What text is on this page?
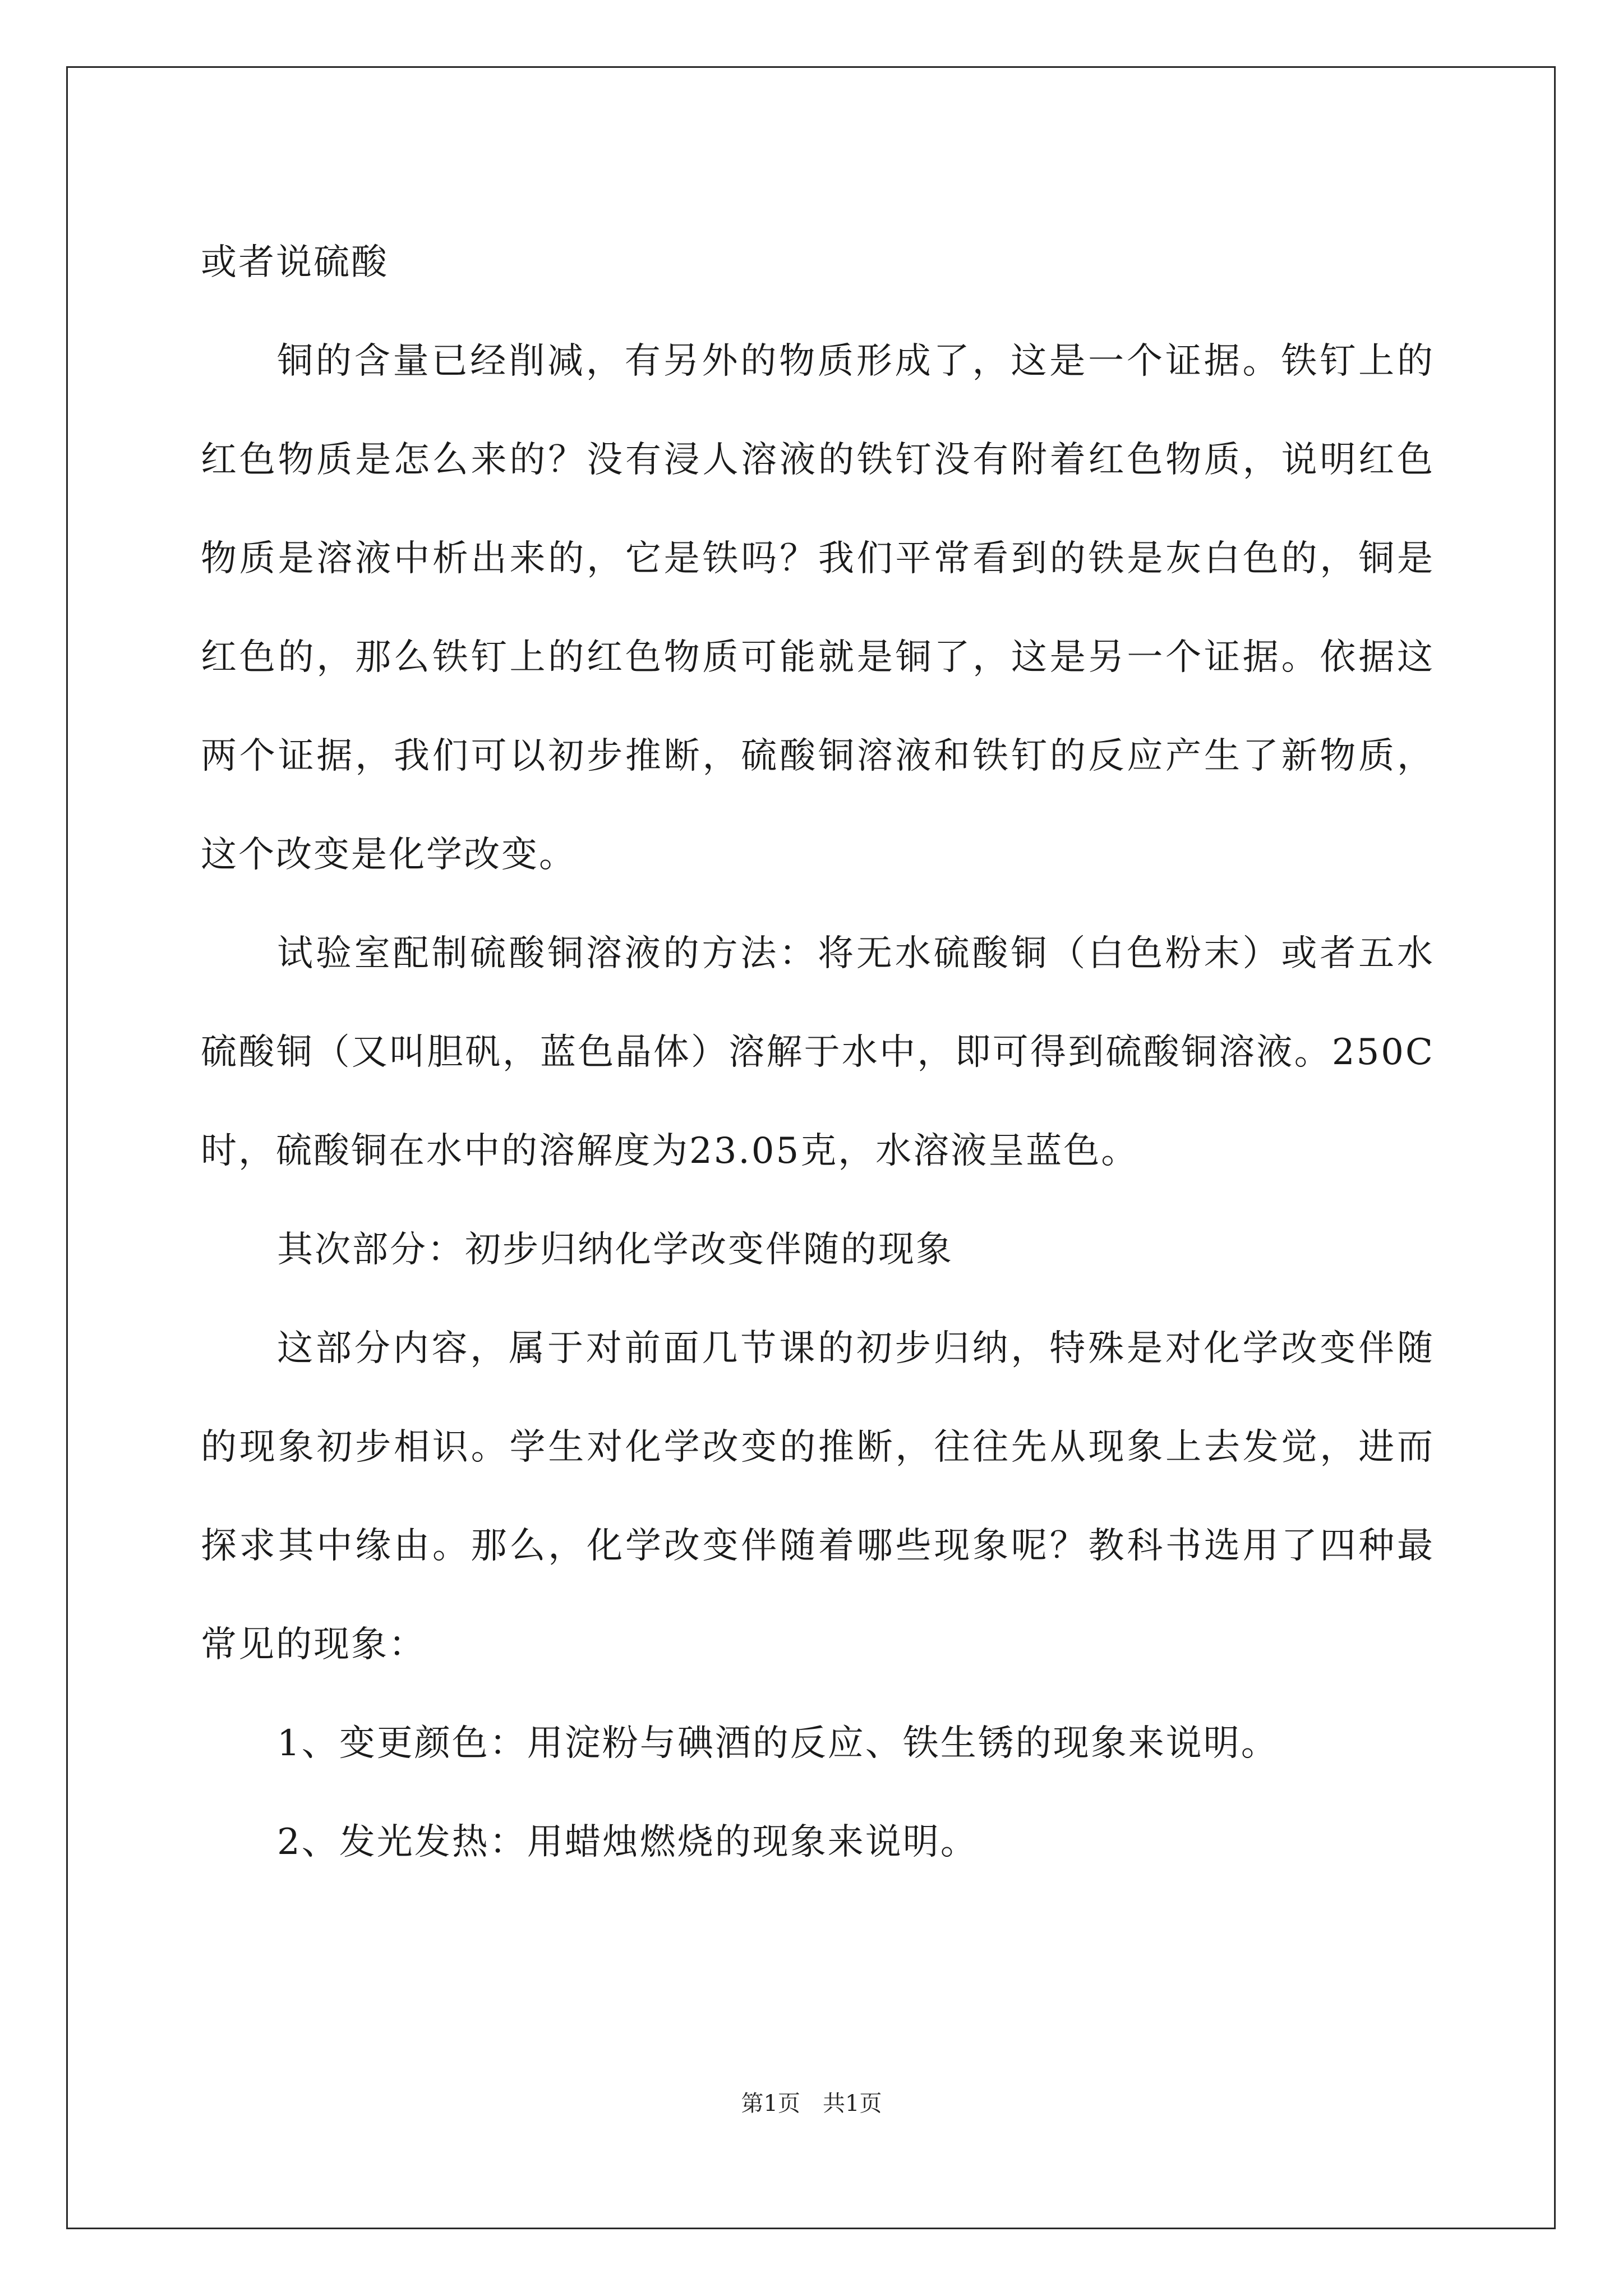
或者说硫酸

铜的含量已经削减，有另外的物质形成了，这是一个证据。铁钉上的红色物质是怎么来的？没有浸人溶液的铁钉没有附着红色物质，说明红色物质是溶液中析出来的，它是铁吗？我们平常看到的铁是灰白色的，铜是红色的，那么铁钉上的红色物质可能就是铜了，这是另一个证据。依据这两个证据，我们可以初步推断，硫酸铜溶液和铁钉的反应产生了新物质，这个改变是化学改变。

试验室配制硫酸铜溶液的方法：将无水硫酸铜（白色粉末）或者五水硫酸铜（又叫胆矾，蓝色晶体）溶解于水中，即可得到硫酸铜溶液。250C时，硫酸铜在水中的溶解度为23.05克，水溶液呈蓝色。

其次部分：初步归纳化学改变伴随的现象

这部分内容，属于对前面几节课的初步归纳，特殊是对化学改变伴随的现象初步相识。学生对化学改变的推断，往往先从现象上去发觉，进而探求其中缘由。那么，化学改变伴随着哪些现象呢？教科书选用了四种最常见的现象：

1、变更颜色：用淀粉与碘酒的反应、铁生锈的现象来说明。

2、发光发热：用蜡烛燃烧的现象来说明。

第1页　共1页
